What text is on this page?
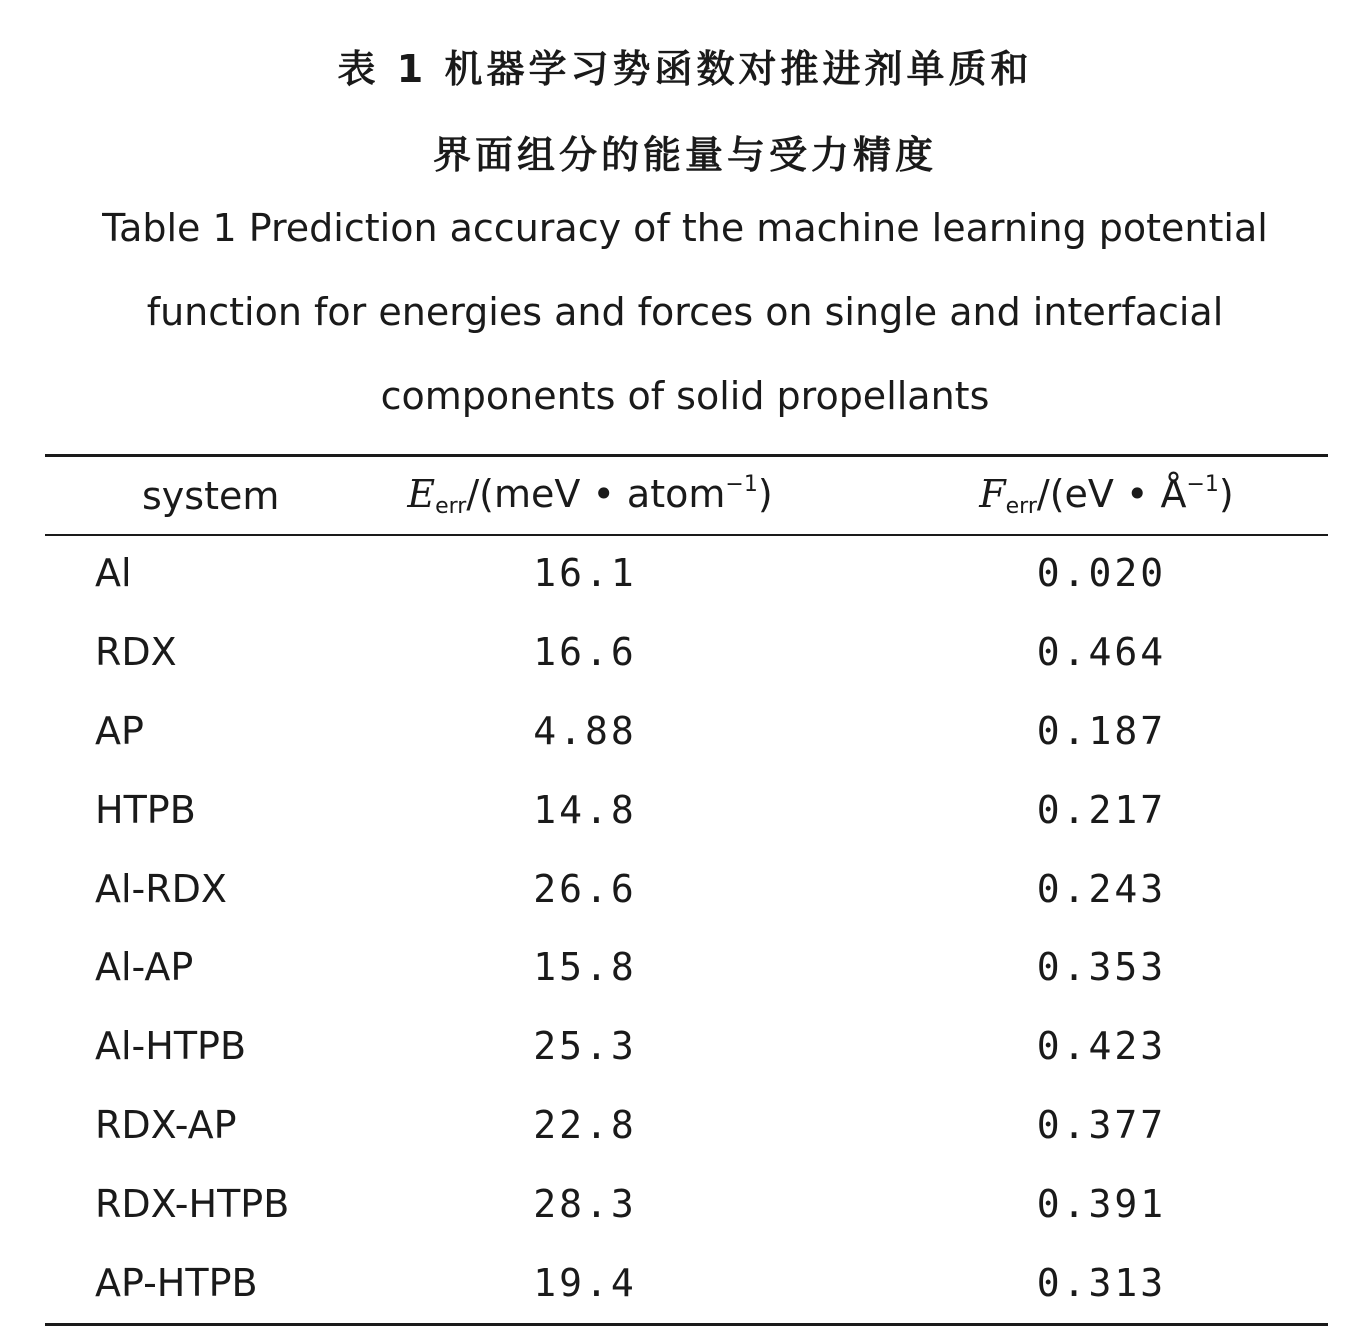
表 1 机器学习势函数对推进剂单质和
界面组分的能量与受力精度
Table 1 Prediction accuracy of the machine learning potential
function for energies and forces on single and interfacial
components of solid propellants
system	$E_{err}/(meV$ • atom$^{-1}$)	$F_{err}/(eV$ • $Å^{-1}$)
Al	16.1	0.020
RDX	16.6	0.464
AP	4.88	0.187
HTPB	14.8	0.217
Al-RDX	26.6	0.243
Al-AP	15.8	0.353
Al-HTPB	25.3	0.423
RDX-AP	22.8	0.377
RDX-HTPB	28.3	0.391
AP-HTPB	19.4	0.313
